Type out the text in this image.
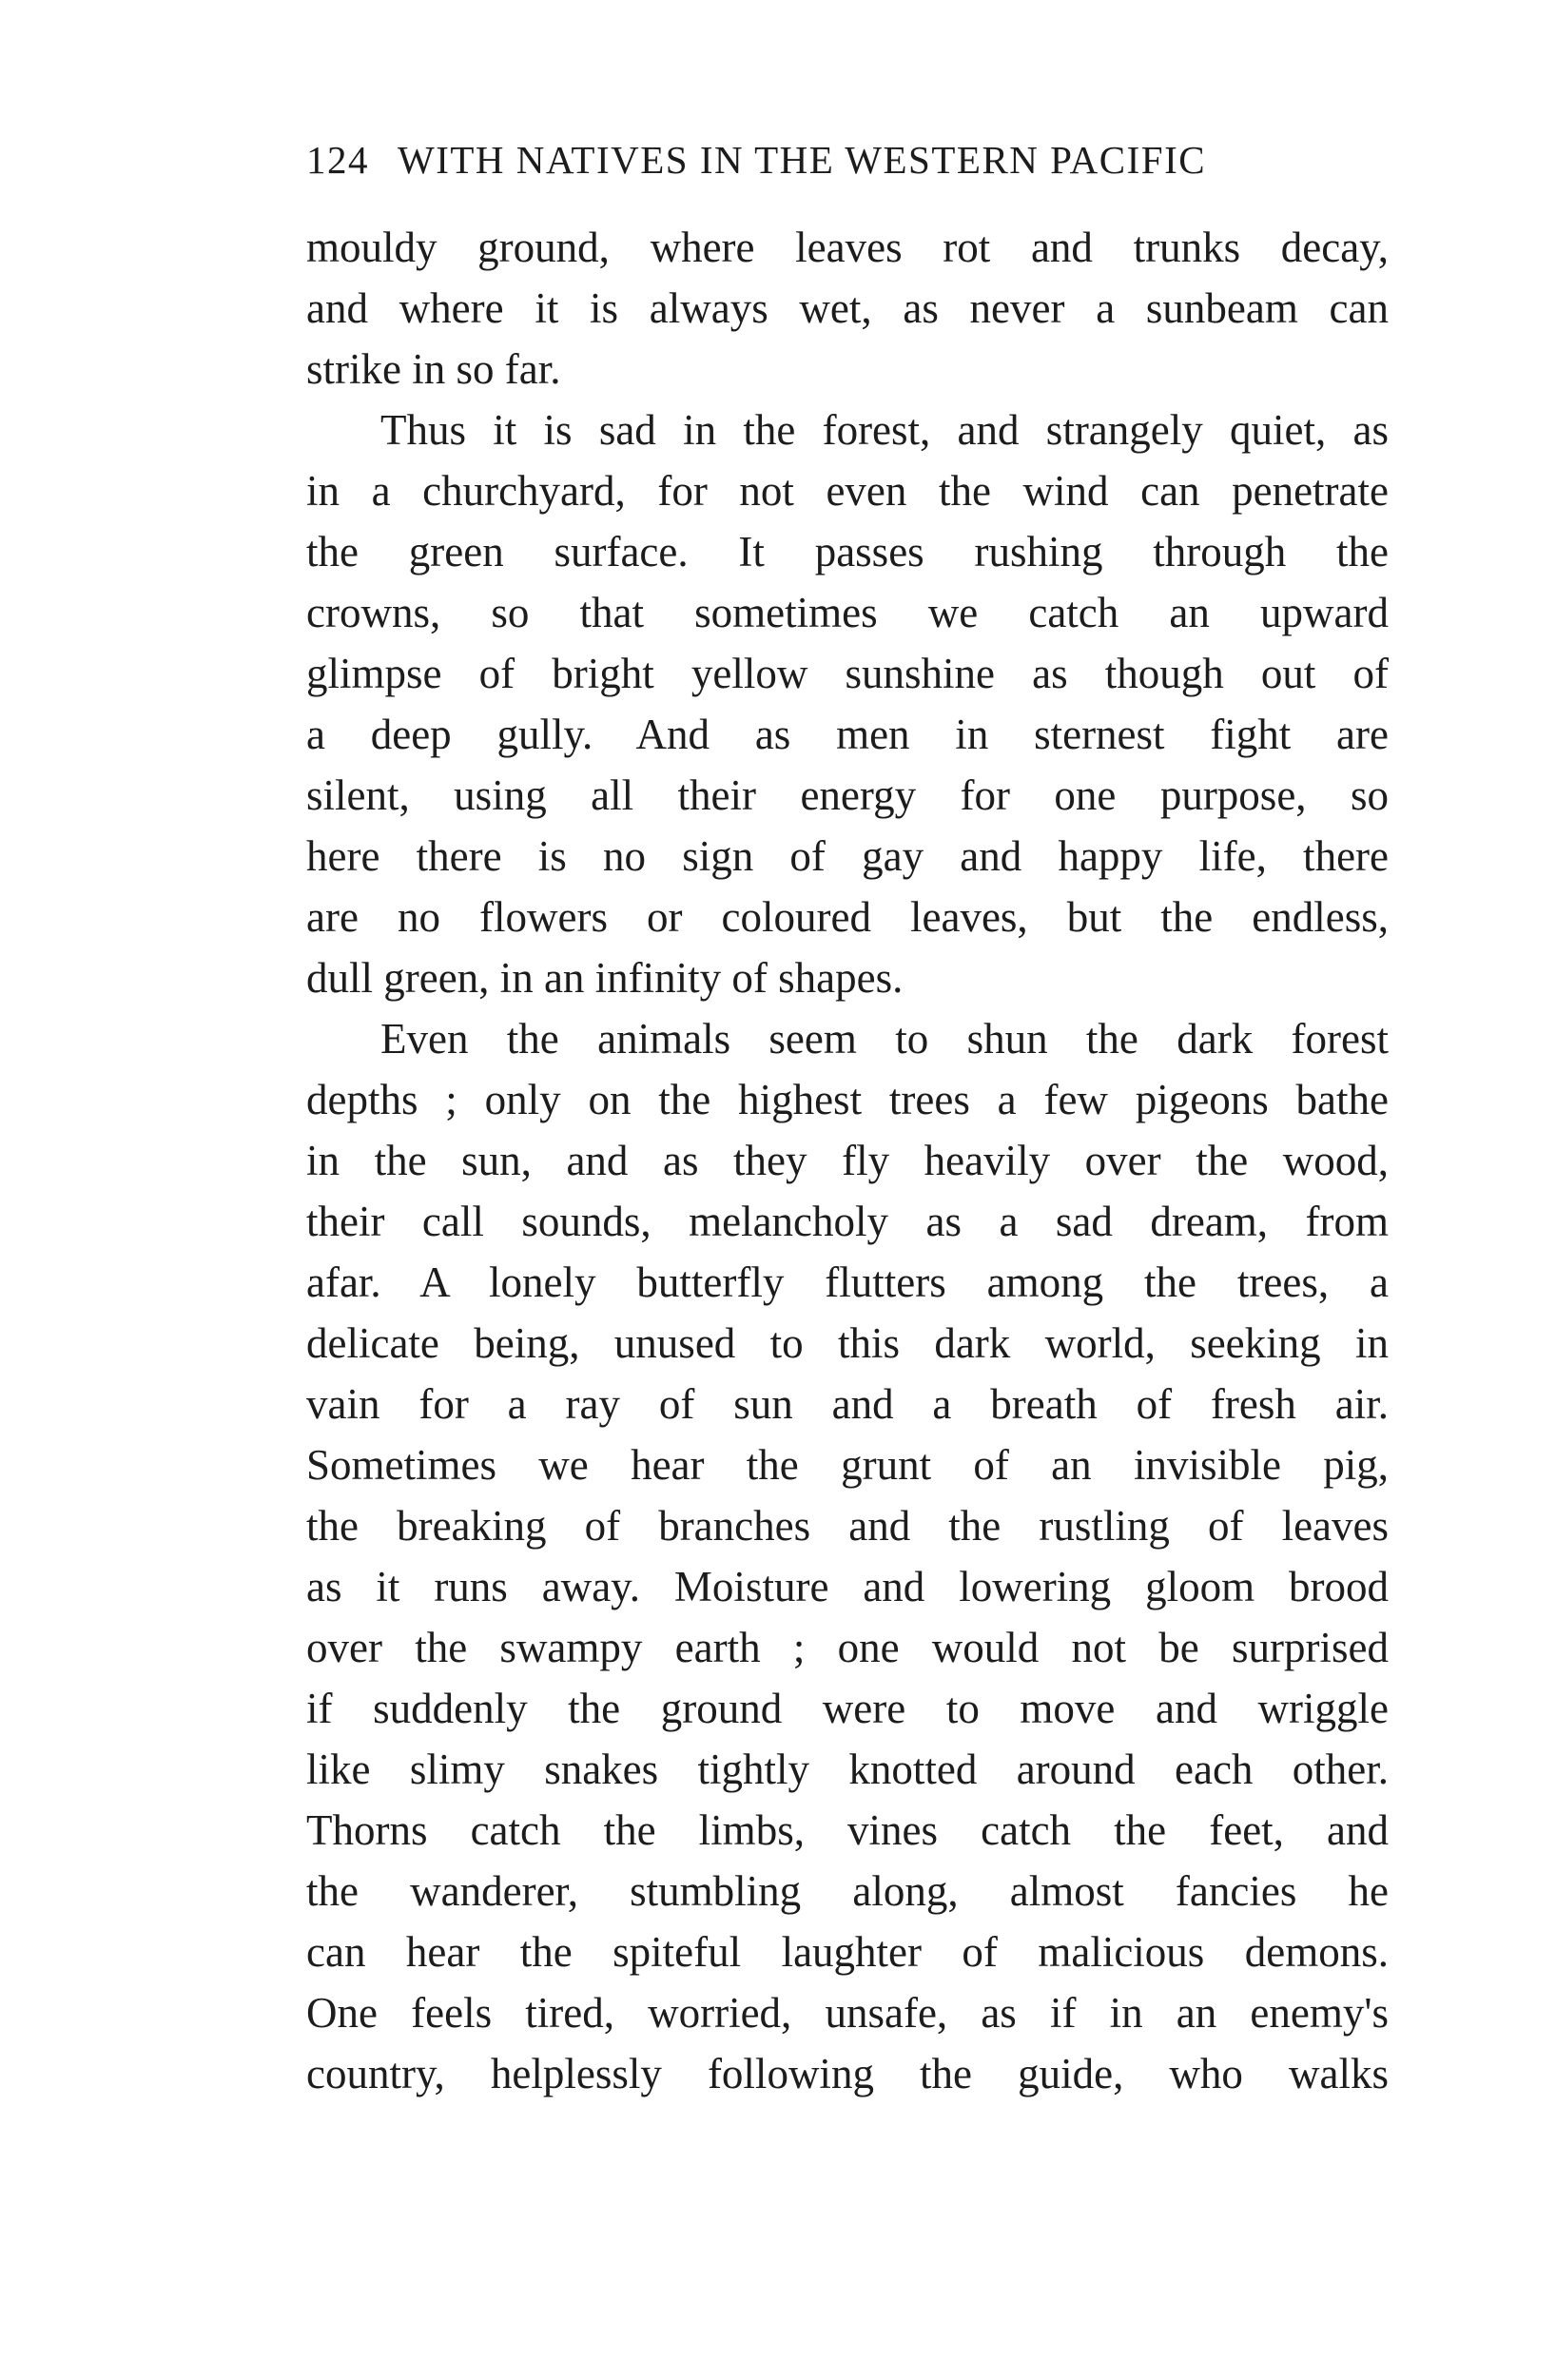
124 WITH NATIVES IN THE WESTERN PACIFIC
mouldy ground, where leaves rot and trunks decay,
and where it is always wet, as never a sunbeam can
strike in so far.
Thus it is sad in the forest, and strangely quiet, as
in a churchyard, for not even the wind can penetrate
the green surface. It passes rushing through the
crowns, so that sometimes we catch an upward
glimpse of bright yellow sunshine as though out of
a deep gully. And as men in sternest fight are
silent, using all their energy for one purpose, so
here there is no sign of gay and happy life, there
are no flowers or coloured leaves, but the endless,
dull green, in an infinity of shapes.
Even the animals seem to shun the dark forest
depths ; only on the highest trees a few pigeons bathe
in the sun, and as they fly heavily over the wood,
their call sounds, melancholy as a sad dream, from
afar. A lonely butterfly flutters among the trees, a
delicate being, unused to this dark world, seeking in
vain for a ray of sun and a breath of fresh air.
Sometimes we hear the grunt of an invisible pig,
the breaking of branches and the rustling of leaves
as it runs away. Moisture and lowering gloom brood
over the swampy earth ; one would not be surprised
if suddenly the ground were to move and wriggle
like slimy snakes tightly knotted around each other.
Thorns catch the limbs, vines catch the feet, and
the wanderer, stumbling along, almost fancies he
can hear the spiteful laughter of malicious demons.
One feels tired, worried, unsafe, as if in an enemy's
country, helplessly following the guide, who walks
